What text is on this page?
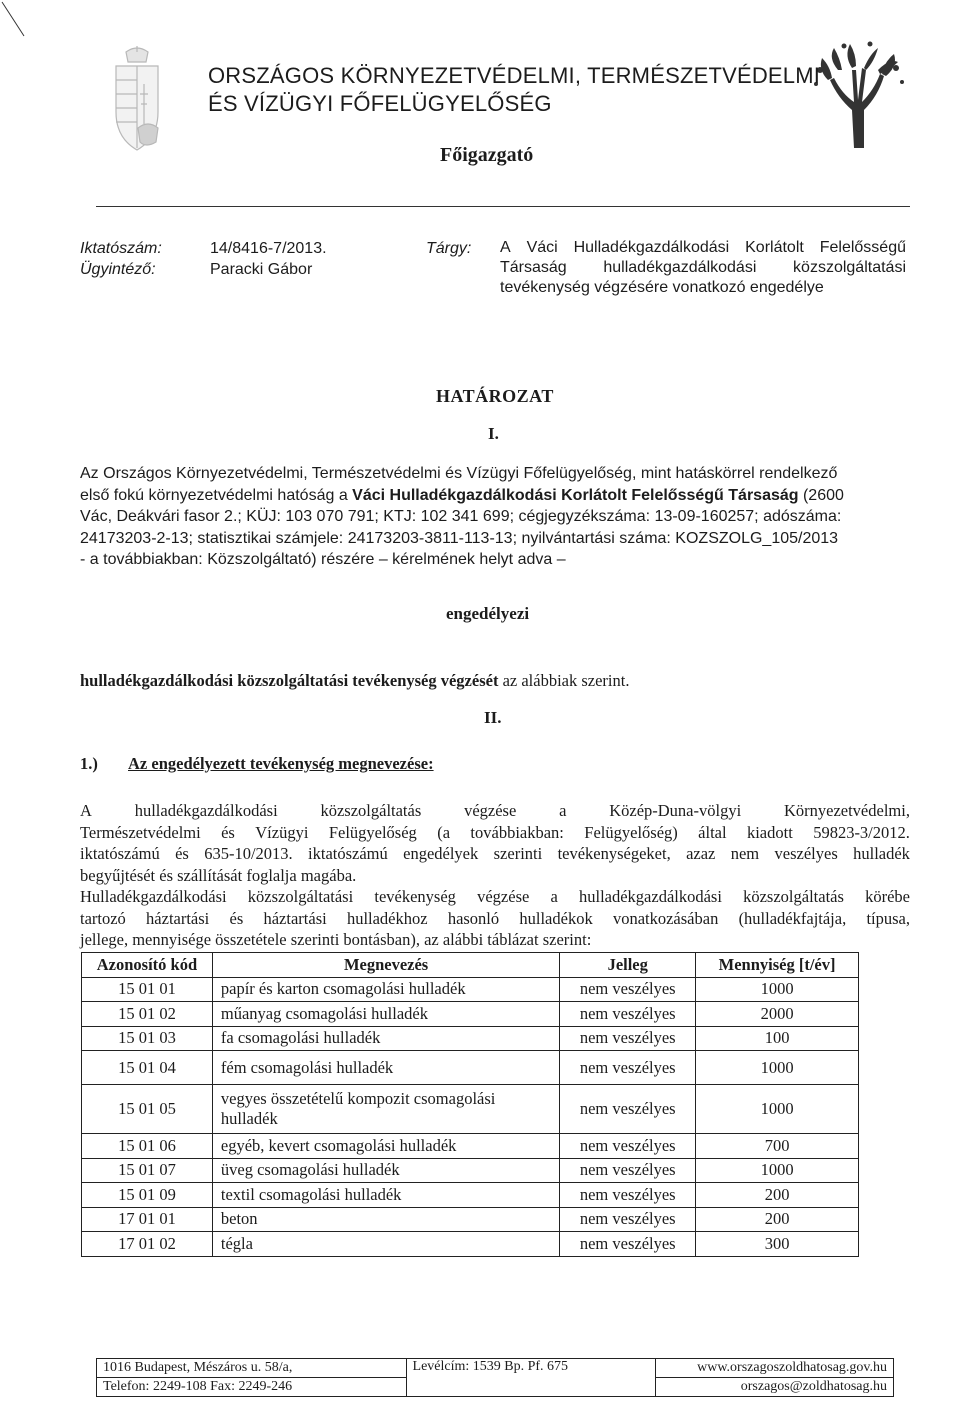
ORSZÁGOS KÖRNYEZETVÉDELMI, TERMÉSZETVÉDELMI
ÉS VÍZÜGYI FŐFELÜGYELŐSÉG
Főigazgató
Iktatószám:	14/8416-7/2013.
Ügyintéző:	Paracki Gábor
Tárgy: A Váci Hulladékgazdálkodási Korlátolt Felelősségű
Társaság hulladékgazdálkodási közszolgáltatási
tevékenység végzésére vonatkozó engedélye
HATÁROZAT
I.
Az Országos Környezetvédelmi, Természetvédelmi és Vízügyi Főfelügyelőség, mint hatáskörrel rendelkező
első fokú környezetvédelmi hatóság a Váci Hulladékgazdálkodási Korlátolt Felelősségű Társaság (2600
Vác, Deákvári fasor 2.; KÜJ: 103 070 791; KTJ: 102 341 699; cégjegyzékszáma: 13-09-160257; adószáma:
24173203-2-13; statisztikai számjele: 24173203-3811-113-13; nyilvántartási száma: KOZSZOLG_105/2013
- a továbbiakban: Közszolgáltató) részére – kérelmének helyt adva –
engedélyezi
hulladékgazdálkodási közszolgáltatási tevékenység végzését az alábbiak szerint.
II.
1.) Az engedélyezett tevékenység megnevezése:
A	hulladékgazdálkodási	közszolgáltatás	végzése	a	Közép-Duna-völgyi	Környezetvédelmi,
Természetvédelmi és Vízügyi Felügyelőség (a továbbiakban: Felügyelőség) által kiadott 59823-3/2012.
iktatószámú és 635-10/2013. iktatószámú engedélyek szerinti tevékenységeket, azaz nem veszélyes hulladék
begyűjtését és szállítását foglalja magába.
Hulladékgazdálkodási közszolgáltatási tevékenység végzése a hulladékgazdálkodási közszolgáltatás körébe
tartozó háztartási és háztartási hulladékhoz hasonló hulladékok vonatkozásában (hulladékfajtája, típusa,
jellege, mennyisége összetétele szerinti bontásban), az alábbi táblázat szerint:
Azonosító kód	Megnevezés	Jelleg	Mennyiség [t/év]
15 01 01	papír és karton csomagolási hulladék	nem veszélyes	1000
15 01 02	műanyag csomagolási hulladék	nem veszélyes	2000
15 01 03	fa csomagolási hulladék	nem veszélyes	100
15 01 04	fém csomagolási hulladék	nem veszélyes	1000
15 01 05	vegyes összetételű kompozit csomagolási hulladék	nem veszélyes	1000
15 01 06	egyéb, kevert csomagolási hulladék	nem veszélyes	700
15 01 07	üveg csomagolási hulladék	nem veszélyes	1000
15 01 09	textil csomagolási hulladék	nem veszélyes	200
17 01 01	beton	nem veszélyes	200
17 01 02	tégla	nem veszélyes	300
1016 Budapest, Mészáros u. 58/a,	Levélcím: 1539 Bp. Pf. 675	www.orszagoszoldhatosag.gov.hu
Telefon: 2249-108 Fax: 2249-246		orszagos@zoldhatosag.hu
